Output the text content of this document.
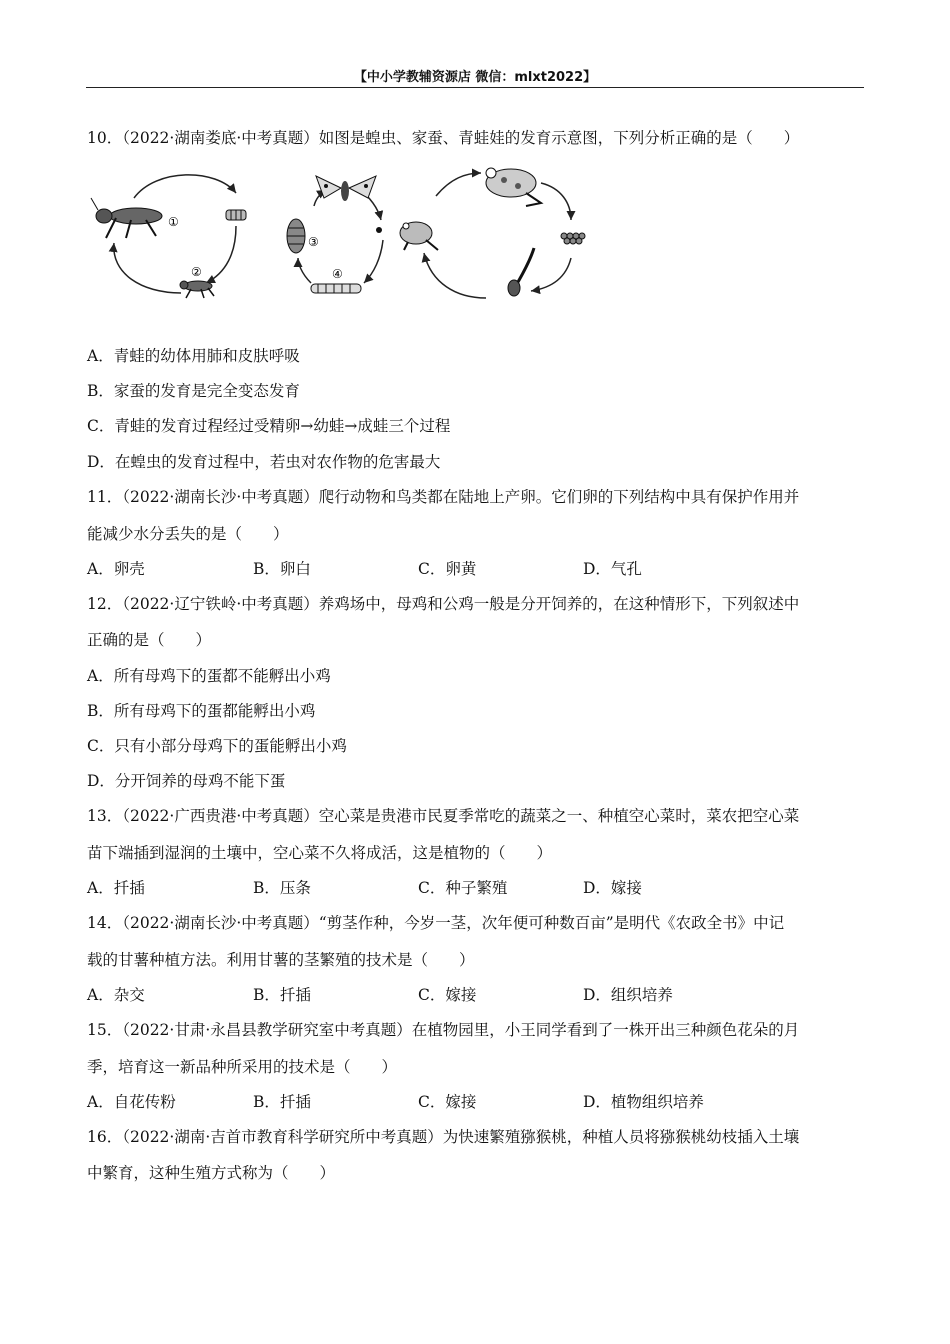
【中小学教辅资源店 微信：mlxt2022】
10．（2022·湖南娄底·中考真题）如图是蝗虫、家蚕、青蛙娃的发育示意图，下列分析正确的是（　　）
①
②
③
④
A．青蛙的幼体用肺和皮肤呼吸
B．家蚕的发育是完全变态发育
C．青蛙的发育过程经过受精卵→幼蛙→成蛙三个过程
D．在蝗虫的发育过程中，若虫对农作物的危害最大
11．（2022·湖南长沙·中考真题）爬行动物和鸟类都在陆地上产卵。它们卵的下列结构中具有保护作用并
能减少水分丢失的是（　　）
A．卵壳	B．卵白	C．卵黄	D．气孔
12．（2022·辽宁铁岭·中考真题）养鸡场中，母鸡和公鸡一般是分开饲养的，在这种情形下，下列叙述中
正确的是（　　）
A．所有母鸡下的蛋都不能孵出小鸡
B．所有母鸡下的蛋都能孵出小鸡
C．只有小部分母鸡下的蛋能孵出小鸡
D．分开饲养的母鸡不能下蛋
13．（2022·广西贵港·中考真题）空心菜是贵港市民夏季常吃的蔬菜之一、种植空心菜时，菜农把空心菜
苗下端插到湿润的土壤中，空心菜不久将成活，这是植物的（　　）
A．扦插	B．压条	C．种子繁殖	D．嫁接
14．（2022·湖南长沙·中考真题）“剪茎作种，今岁一茎，次年便可种数百亩”是明代《农政全书》中记
载的甘薯种植方法。利用甘薯的茎繁殖的技术是（　　）
A．杂交	B．扦插	C．嫁接	D．组织培养
15．（2022·甘肃·永昌县教学研究室中考真题）在植物园里，小王同学看到了一株开出三种颜色花朵的月
季，培育这一新品种所采用的技术是（　　）
A．自花传粉	B．扦插	C．嫁接	D．植物组织培养
16．（2022·湖南·吉首市教育科学研究所中考真题）为快速繁殖猕猴桃，种植人员将猕猴桃幼枝插入土壤
中繁育，这种生殖方式称为（　　）
